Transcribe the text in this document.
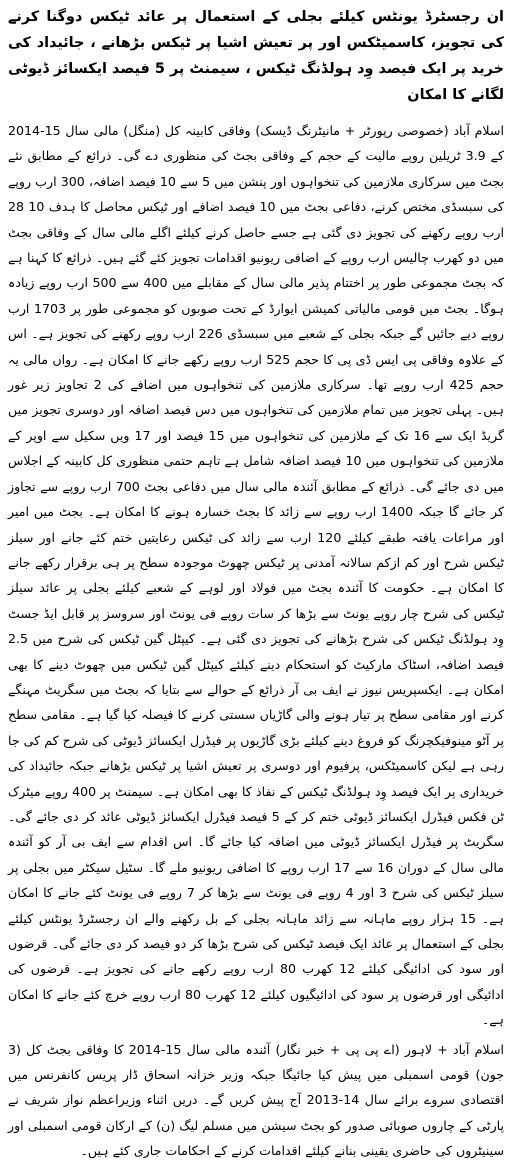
ان رجسٹرڈ یونٹس کیلئے بجلی کے استعمال پر عائد ٹیکس دوگنا کرنے کی تجویز، کاسمیٹکس اور پر تعیش اشیا پر ٹیکس بڑھانے ، جائیداد کی خرید پر ایک فیصد وِد ہولڈنگ ٹیکس ، سیمنٹ پر 5 فیصد ایکسائز ڈیوٹی لگانے کا امکان

اسلام آباد (خصوصی رپورٹر + مانیٹرنگ ڈیسک) وفاقی کابینہ کل (منگل) مالی سال 15-2014 کے 3.9 ٹریلین روپے مالیت کے حجم کے وفاقی بجٹ کی منظوری دے گی۔ ذرائع کے مطابق نئے بجٹ میں سرکاری ملازمین کی تنخواہوں اور پنشن میں 5 سے 10 فیصد اضافہ، 300 ارب روپے کی سبسڈی مختص کرنے، دفاعی بجٹ میں 10 فیصد اضافے اور ٹیکس محاصل کا ہدف 10 28 ارب روپے رکھنے کی تجویز دی گئی ہے جسے حاصل کرنے کیلئے اگلے مالی سال کے وفاقی بجٹ میں دو کھرب چالیس ارب روپے کے اضافی ریونیو اقدامات تجویز کئے گئے ہیں۔ ذرائع کا کہنا ہے کہ بجٹ مجموعی طور پر اختتام پذیر مالی سال کے مقابلے میں 400 سے 500 ارب روپے زیادہ ہوگا۔ بجٹ میں قومی مالیاتی کمیشن ایوارڈ کے تحت صوبوں کو مجموعی طور پر 1703 ارب روپے دیے جائیں گے جبکہ بجلی کے شعبے میں سبسڈی 226 ارب روپے رکھنے کی تجویز ہے۔ اس کے علاوہ وفاقی پی ایس ڈی پی کا حجم 525 ارب روپے رکھے جانے کا امکان ہے۔ رواں مالی یہ حجم 425 ارب روپے تھا۔ سرکاری ملازمین کی تنخواہوں میں اضافے کی 2 تجاویز زیر غور ہیں۔ پہلی تجویز میں تمام ملازمین کی تنخواہوں میں دس فیصد اضافہ اور دوسری تجویز میں گریڈ ایک سے 16 تک کے ملازمین کی تنخواہوں میں 15 فیصد اور 17 ویں سکیل سے اوپر کے ملازمین کی تنخواہوں میں 10 فیصد اضافہ شامل ہے تاہم حتمی منظوری کل کابینہ کے اجلاس میں دی جائے گی۔ ذرائع کے مطابق آئندہ مالی سال میں دفاعی بجٹ 700 ارب روپے سے تجاوز کر جائے گا جبکہ 1400 ارب روپے سے زائد کا بجٹ خسارہ ہونے کا امکان ہے۔ بجٹ میں امیر اور مراعات یافتہ طبقے کیلئے 120 ارب سے زائد کی ٹیکس رعایتیں ختم کئے جانے اور سیلز ٹیکس شرح اور کم ازکم سالانہ آمدنی پر ٹیکس چھوٹ موجودہ سطح پر ہی برقرار رکھے جانے کا امکان ہے۔ حکومت کا آئندہ بجٹ میں فولاد اور لوہے کے شعبے کیلئے بجلی پر عائد سیلز ٹیکس کی شرح چار روپے یونٹ سے بڑھا کر سات روپے فی یونٹ اور سروسز پر قابل ایڈ جسٹ وِد ہولڈنگ ٹیکس کی شرح بڑھانے کی تجویز دی گئی ہے۔ کیپٹل گین ٹیکس کی شرح میں 2.5 فیصد اضافہ، اسٹاک مارکیٹ کو استحکام دینے کیلئے کیپٹل گین ٹیکس میں چھوٹ دینے کا بھی امکان ہے۔ ایکسپریس نیوز نے ایف بی آر ذرائع کے حوالے سے بتایا کہ بجٹ میں سگریٹ مہنگے کرنے اور مقامی سطح پر تیار ہونے والی گاڑیاں سستی کرنے کا فیصلہ کیا گیا ہے۔ مقامی سطح پر آٹو مینوفیکچرنگ کو فروغ دینے کیلئے بڑی گاڑیوں پر فیڈرل ایکسائز ڈیوٹی کی شرح کم کی جا رہی ہے لیکن کاسمیٹکس، پرفیوم اور دوسری پر تعیش اشیا پر ٹیکس بڑھانے جبکہ جائیداد کی خریداری پر ایک فیصد وِد ہولڈنگ ٹیکس کے نفاذ کا بھی امکان ہے۔ سیمنٹ پر 400 روپے میٹرک ٹن فکس فیڈرل ایکسائز ڈیوٹی ختم کر کے 5 فیصد فیڈرل ایکسائز ڈیوٹی عائد کر دی جائے گی۔ سگریٹ پر فیڈرل ایکسائز ڈیوٹی میں اضافہ کیا جائے گا۔ اس اقدام سے ایف بی آر کو آئندہ مالی سال کے دوران 16 سے 17 ارب روپے کا اضافی ریونیو ملے گا۔ سٹیل سیکٹر میں بجلی پر سیلز ٹیکس کی شرح 3 اور 4 روپے فی یونٹ سے بڑھا کر 7 روپے فی یونٹ کئے جانے کا امکان ہے۔ 15 ہزار روپے ماہانہ سے زائد ماہانہ بجلی کے بل رکھنے والے ان رجسٹرڈ یونٹس کیلئے بجلی کے استعمال پر عائد ایک فیصد ٹیکس کی شرح بڑھا کر دو فیصد کر دی جائے گی۔ قرضوں اور سود کی ادائیگی کیلئے 12 کھرب 80 ارب روپے رکھے جانے کی تجویز ہے۔ قرضوں کی ادائیگی اور قرضوں پر سود کی ادائیگیوں کیلئے 12 کھرب 80 ارب روپے خرچ کئے جانے کا امکان ہے۔

اسلام آباد + لاہور (اے پی پی + خبر نگار) آئندہ مالی سال 15-2014 کا وفاقی بجٹ کل (3 جون) قومی اسمبلی میں پیش کیا جائیگا جبکہ وزیر خزانہ اسحاق ڈار پریس کانفرنس میں اقتصادی سروے برائے سال 14-2013 آج پیش کریں گے۔ دریں اثناء وزیراعظم نواز شریف نے پارٹی کے چاروں صوبائی صدور کو بجٹ سیشن میں مسلم لیگ (ن) کے ارکان قومی اسمبلی اور سینیٹروں کی حاضری یقینی بنانے کیلئے اقدامات کرنے کے احکامات جاری کئے ہیں۔
